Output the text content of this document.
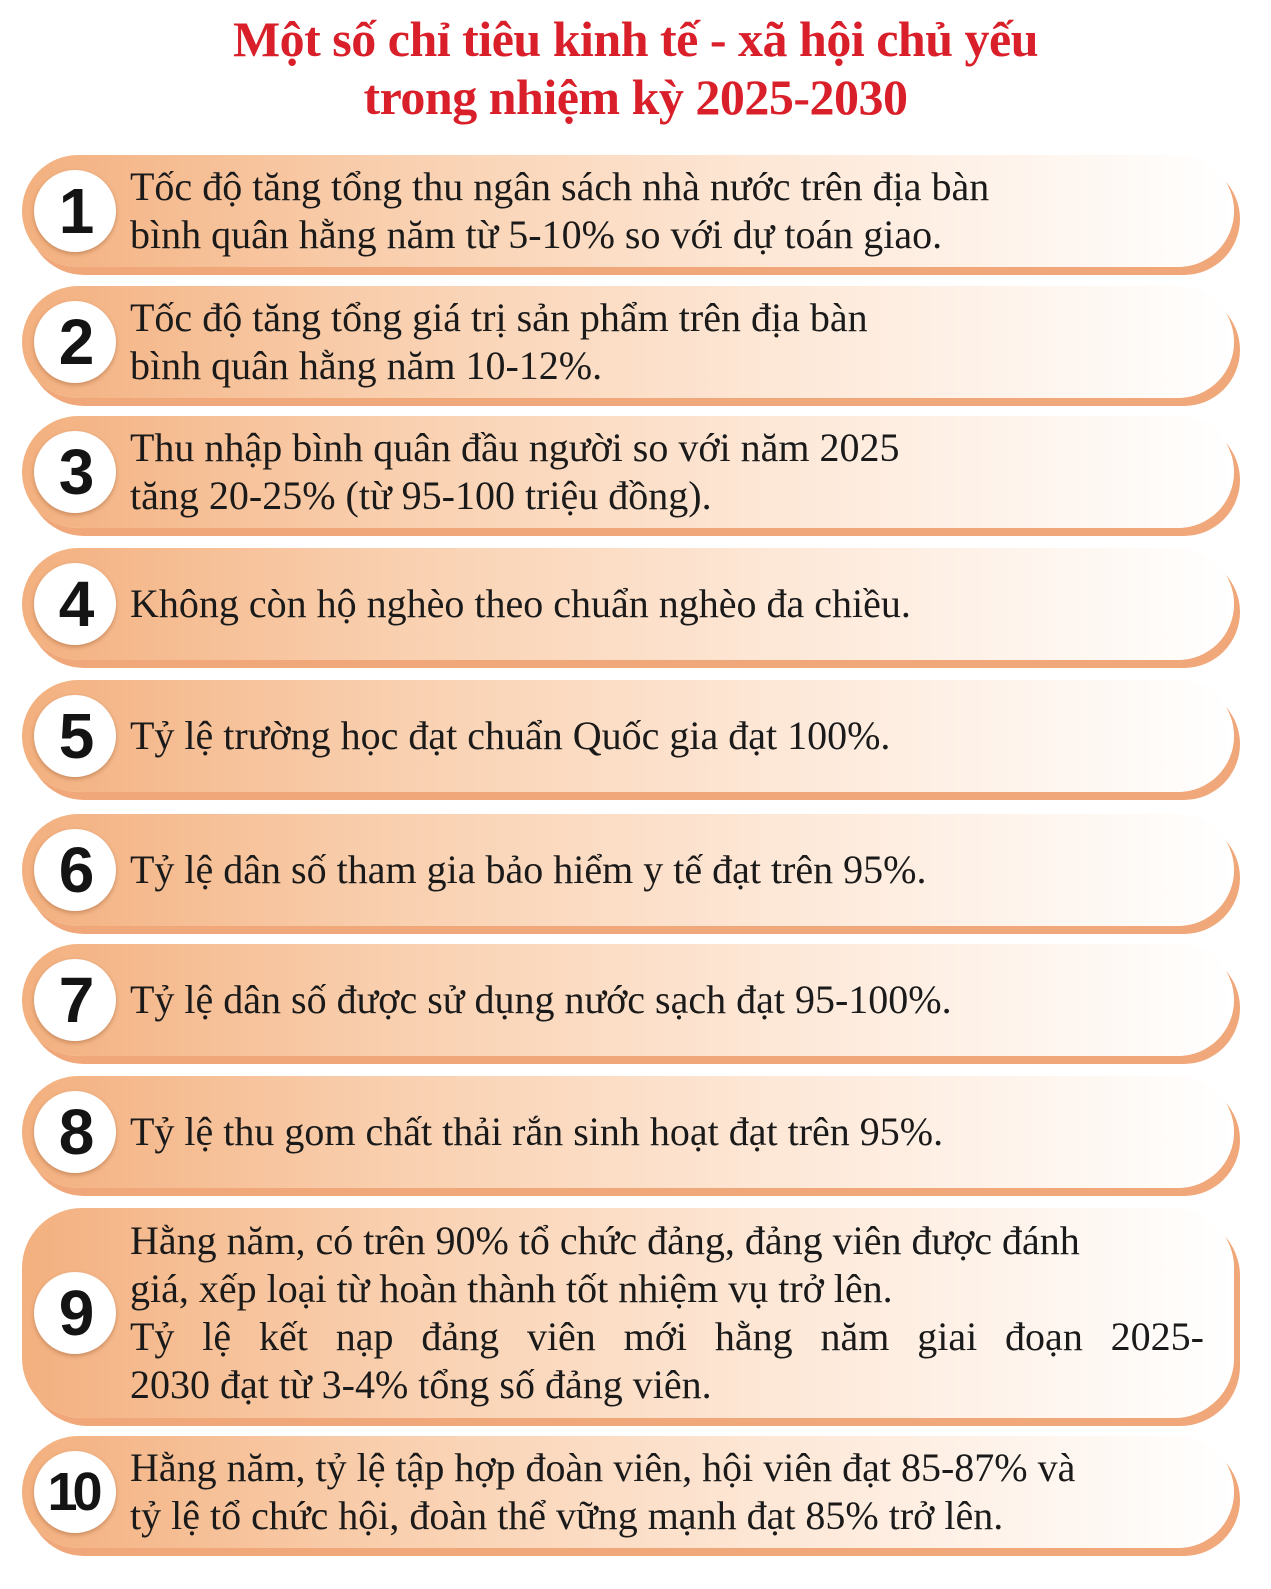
Một số chỉ tiêu kinh tế - xã hội chủ yếu
trong nhiệm kỳ 2025-2030
1 Tốc độ tăng tổng thu ngân sách nhà nước trên địa bàn
bình quân hằng năm từ 5-10% so với dự toán giao.
2 Tốc độ tăng tổng giá trị sản phẩm trên địa bàn
bình quân hằng năm 10-12%.
3 Thu nhập bình quân đầu người so với năm 2025
tăng 20-25% (từ 95-100 triệu đồng).
4 Không còn hộ nghèo theo chuẩn nghèo đa chiều.
5 Tỷ lệ trường học đạt chuẩn Quốc gia đạt 100%.
6 Tỷ lệ dân số tham gia bảo hiểm y tế đạt trên 95%.
7 Tỷ lệ dân số được sử dụng nước sạch đạt 95-100%.
8 Tỷ lệ thu gom chất thải rắn sinh hoạt đạt trên 95%.
9
Hằng năm, có trên 90% tổ chức đảng, đảng viên được đánh
giá, xếp loại từ hoàn thành tốt nhiệm vụ trở lên.
Tỷ lệ kết nạp đảng viên mới hằng năm giai đoạn 2025-
2030 đạt từ 3-4% tổng số đảng viên.
10 Hằng năm, tỷ lệ tập hợp đoàn viên, hội viên đạt 85-87% và
tỷ lệ tổ chức hội, đoàn thể vững mạnh đạt 85% trở lên.
